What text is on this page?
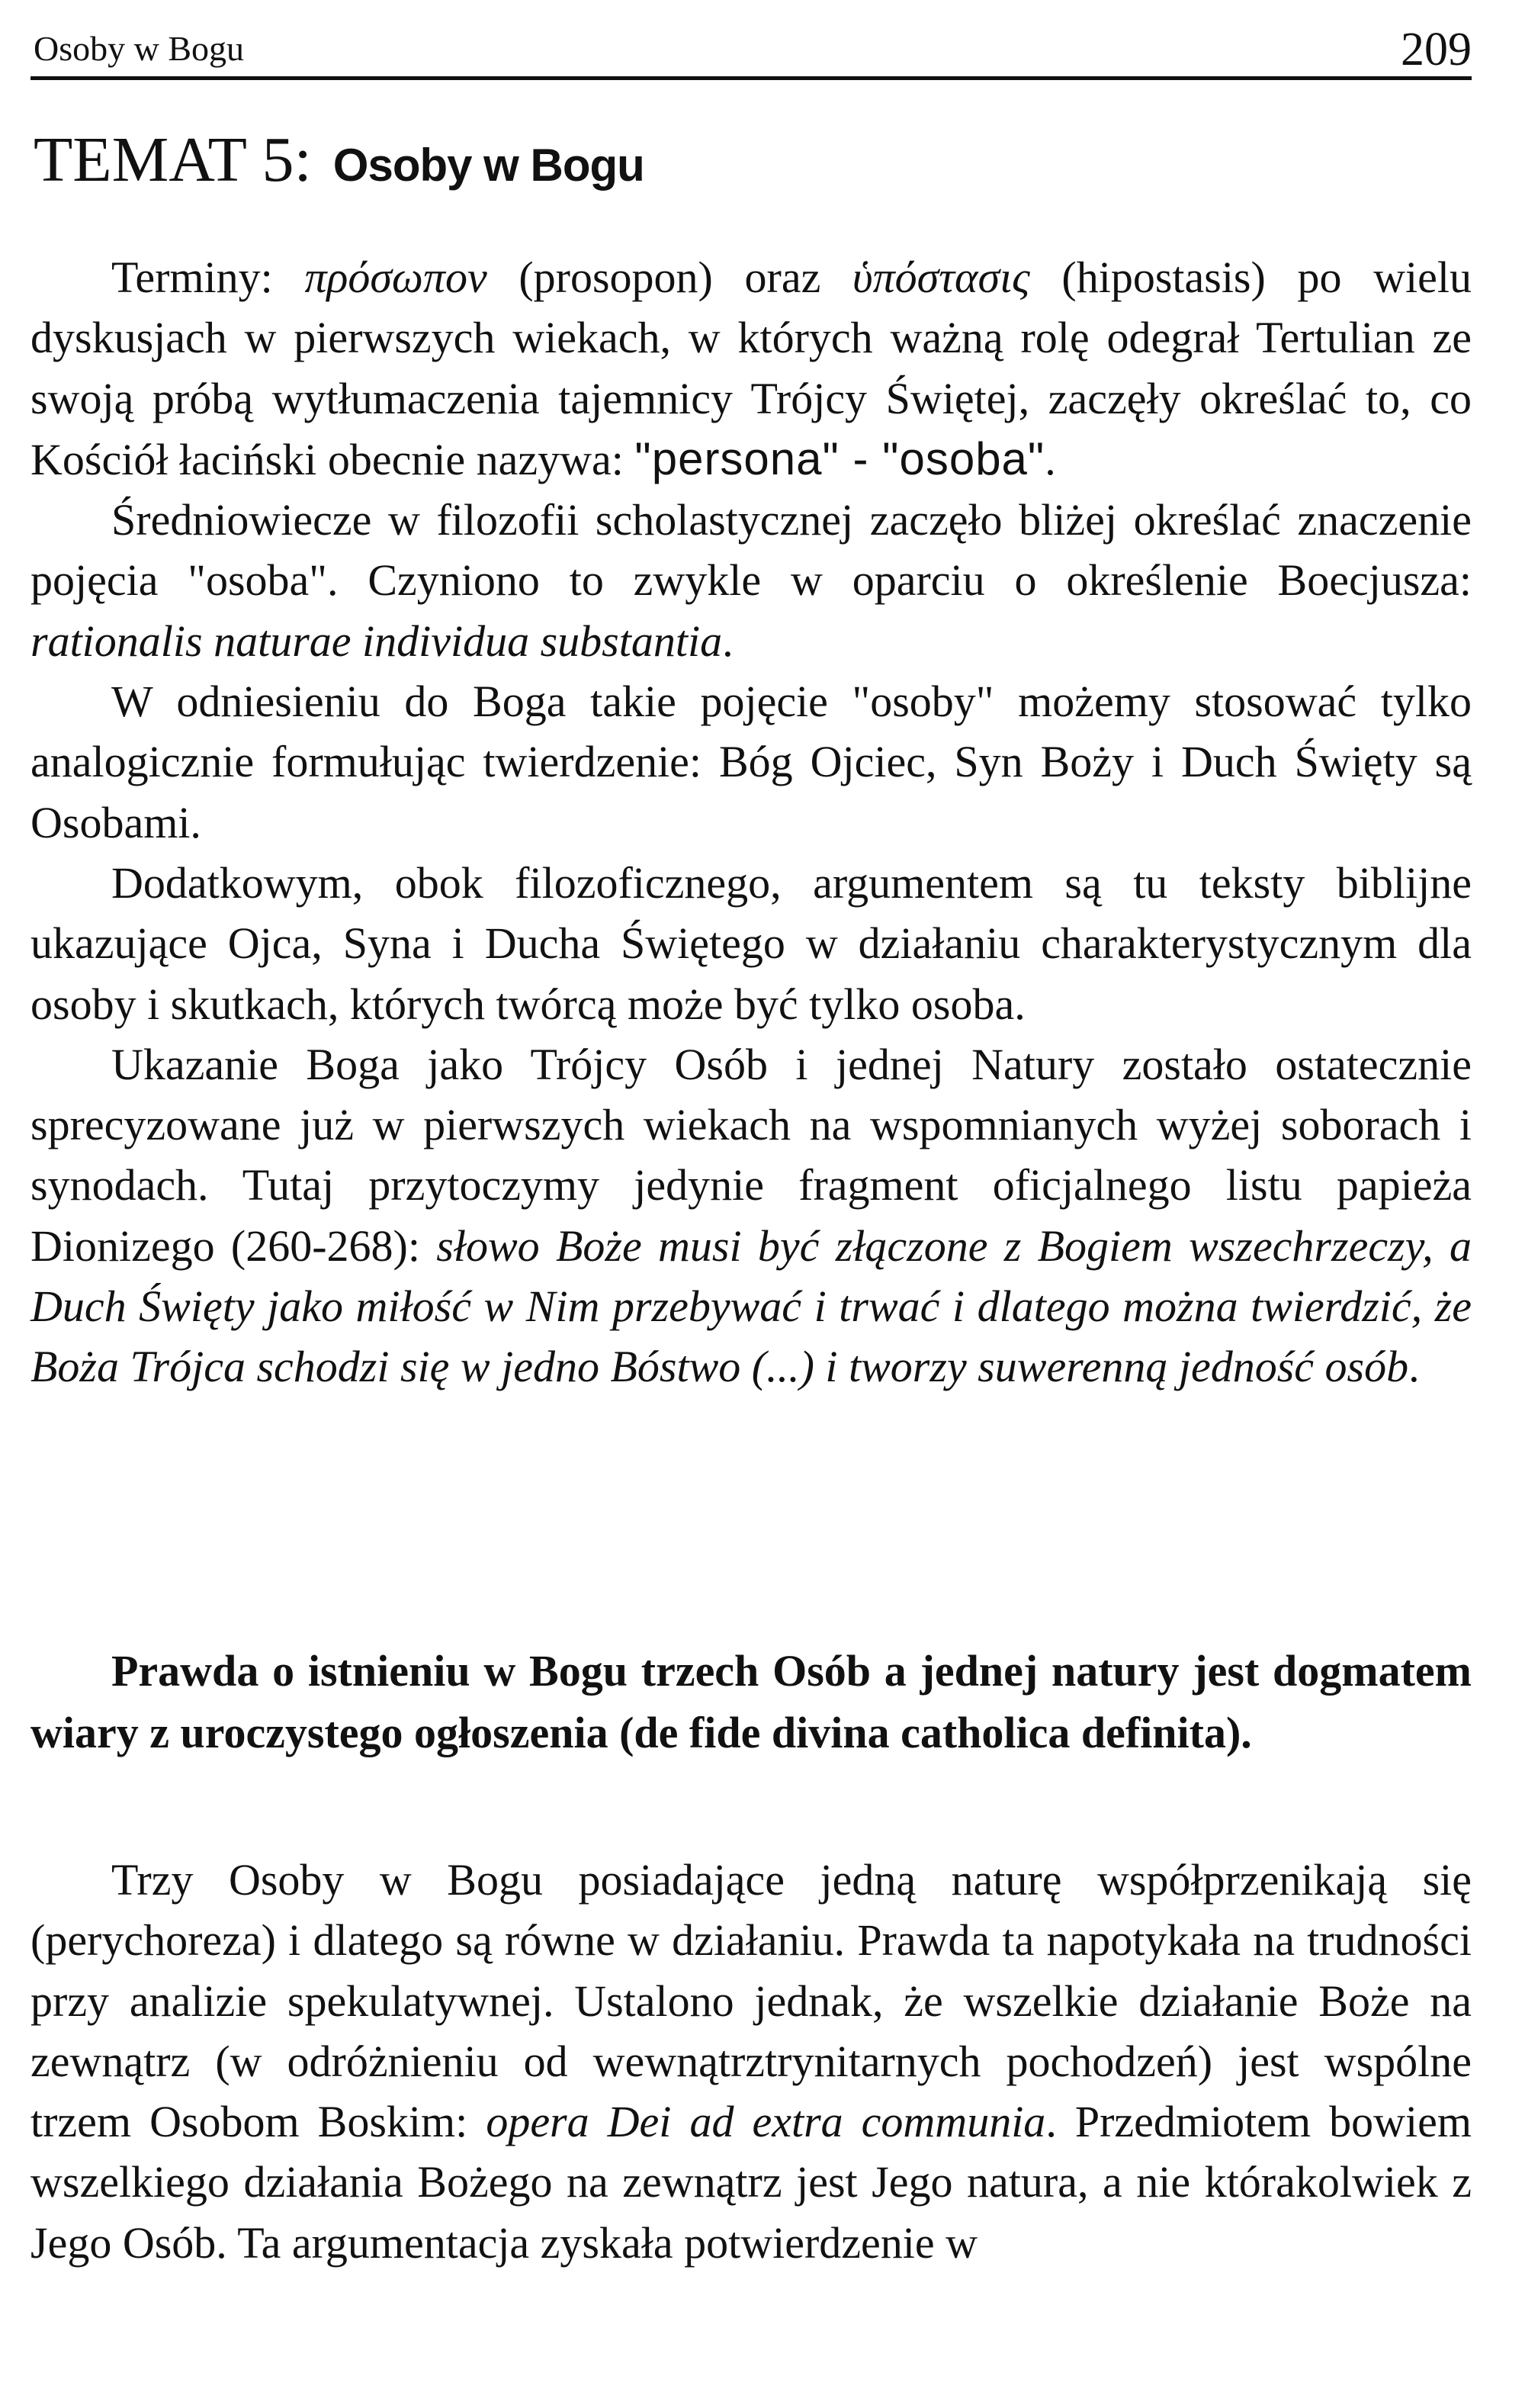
Osoby w Bogu	209
TEMAT 5: Osoby w Bogu

Terminy: πρόσωπον (prosopon) oraz ὑπόστασις (hipostasis) po wielu dyskusjach w pierwszych wiekach, w których ważną rolę odegrał Tertulian ze swoją próbą wytłumaczenia tajemnicy Trójcy Świętej, zaczęły określać to, co Kościół łaciński obecnie nazywa: "persona" - "osoba".

Średniowiecze w filozofii scholastycznej zaczęło bliżej określać znaczenie pojęcia "osoba". Czyniono to zwykle w oparciu o określenie Boecjusza: rationalis naturae individua substantia.

W odniesieniu do Boga takie pojęcie "osoby" możemy stosować tylko analogicznie formułując twierdzenie: Bóg Ojciec, Syn Boży i Duch Święty są Osobami.

Dodatkowym, obok filozoficznego, argumentem są tu teksty biblijne ukazujące Ojca, Syna i Ducha Świętego w działaniu charakterystycznym dla osoby i skutkach, których twórcą może być tylko osoba.

Ukazanie Boga jako Trójcy Osób i jednej Natury zostało ostatecznie sprecyzowane już w pierwszych wiekach na wspomnianych wyżej soborach i synodach. Tutaj przytoczymy jedynie fragment oficjalnego listu papieża Dionizego (260-268): słowo Boże musi być złączone z Bogiem wszechrzeczy, a Duch Święty jako miłość w Nim przebywać i trwać i dlatego można twierdzić, że Boża Trójca schodzi się w jedno Bóstwo (...) i tworzy suwerenną jedność osób.

Prawda o istnieniu w Bogu trzech Osób a jednej natury jest dogmatem wiary z uroczystego ogłoszenia (de fide divina catholica definita).

Trzy Osoby w Bogu posiadające jedną naturę współprzenikają się (perychoreza) i dlatego są równe w działaniu. Prawda ta napotykała na trudności przy analizie spekulatywnej. Ustalono jednak, że wszelkie działanie Boże na zewnątrz (w odróżnieniu od wewnątrztrynitarnych pochodzeń) jest wspólne trzem Osobom Boskim: opera Dei ad extra communia. Przedmiotem bowiem wszelkiego działania Bożego na zewnątrz jest Jego natura, a nie którakolwiek z Jego Osób. Ta argumentacja zyskała potwierdzenie w
